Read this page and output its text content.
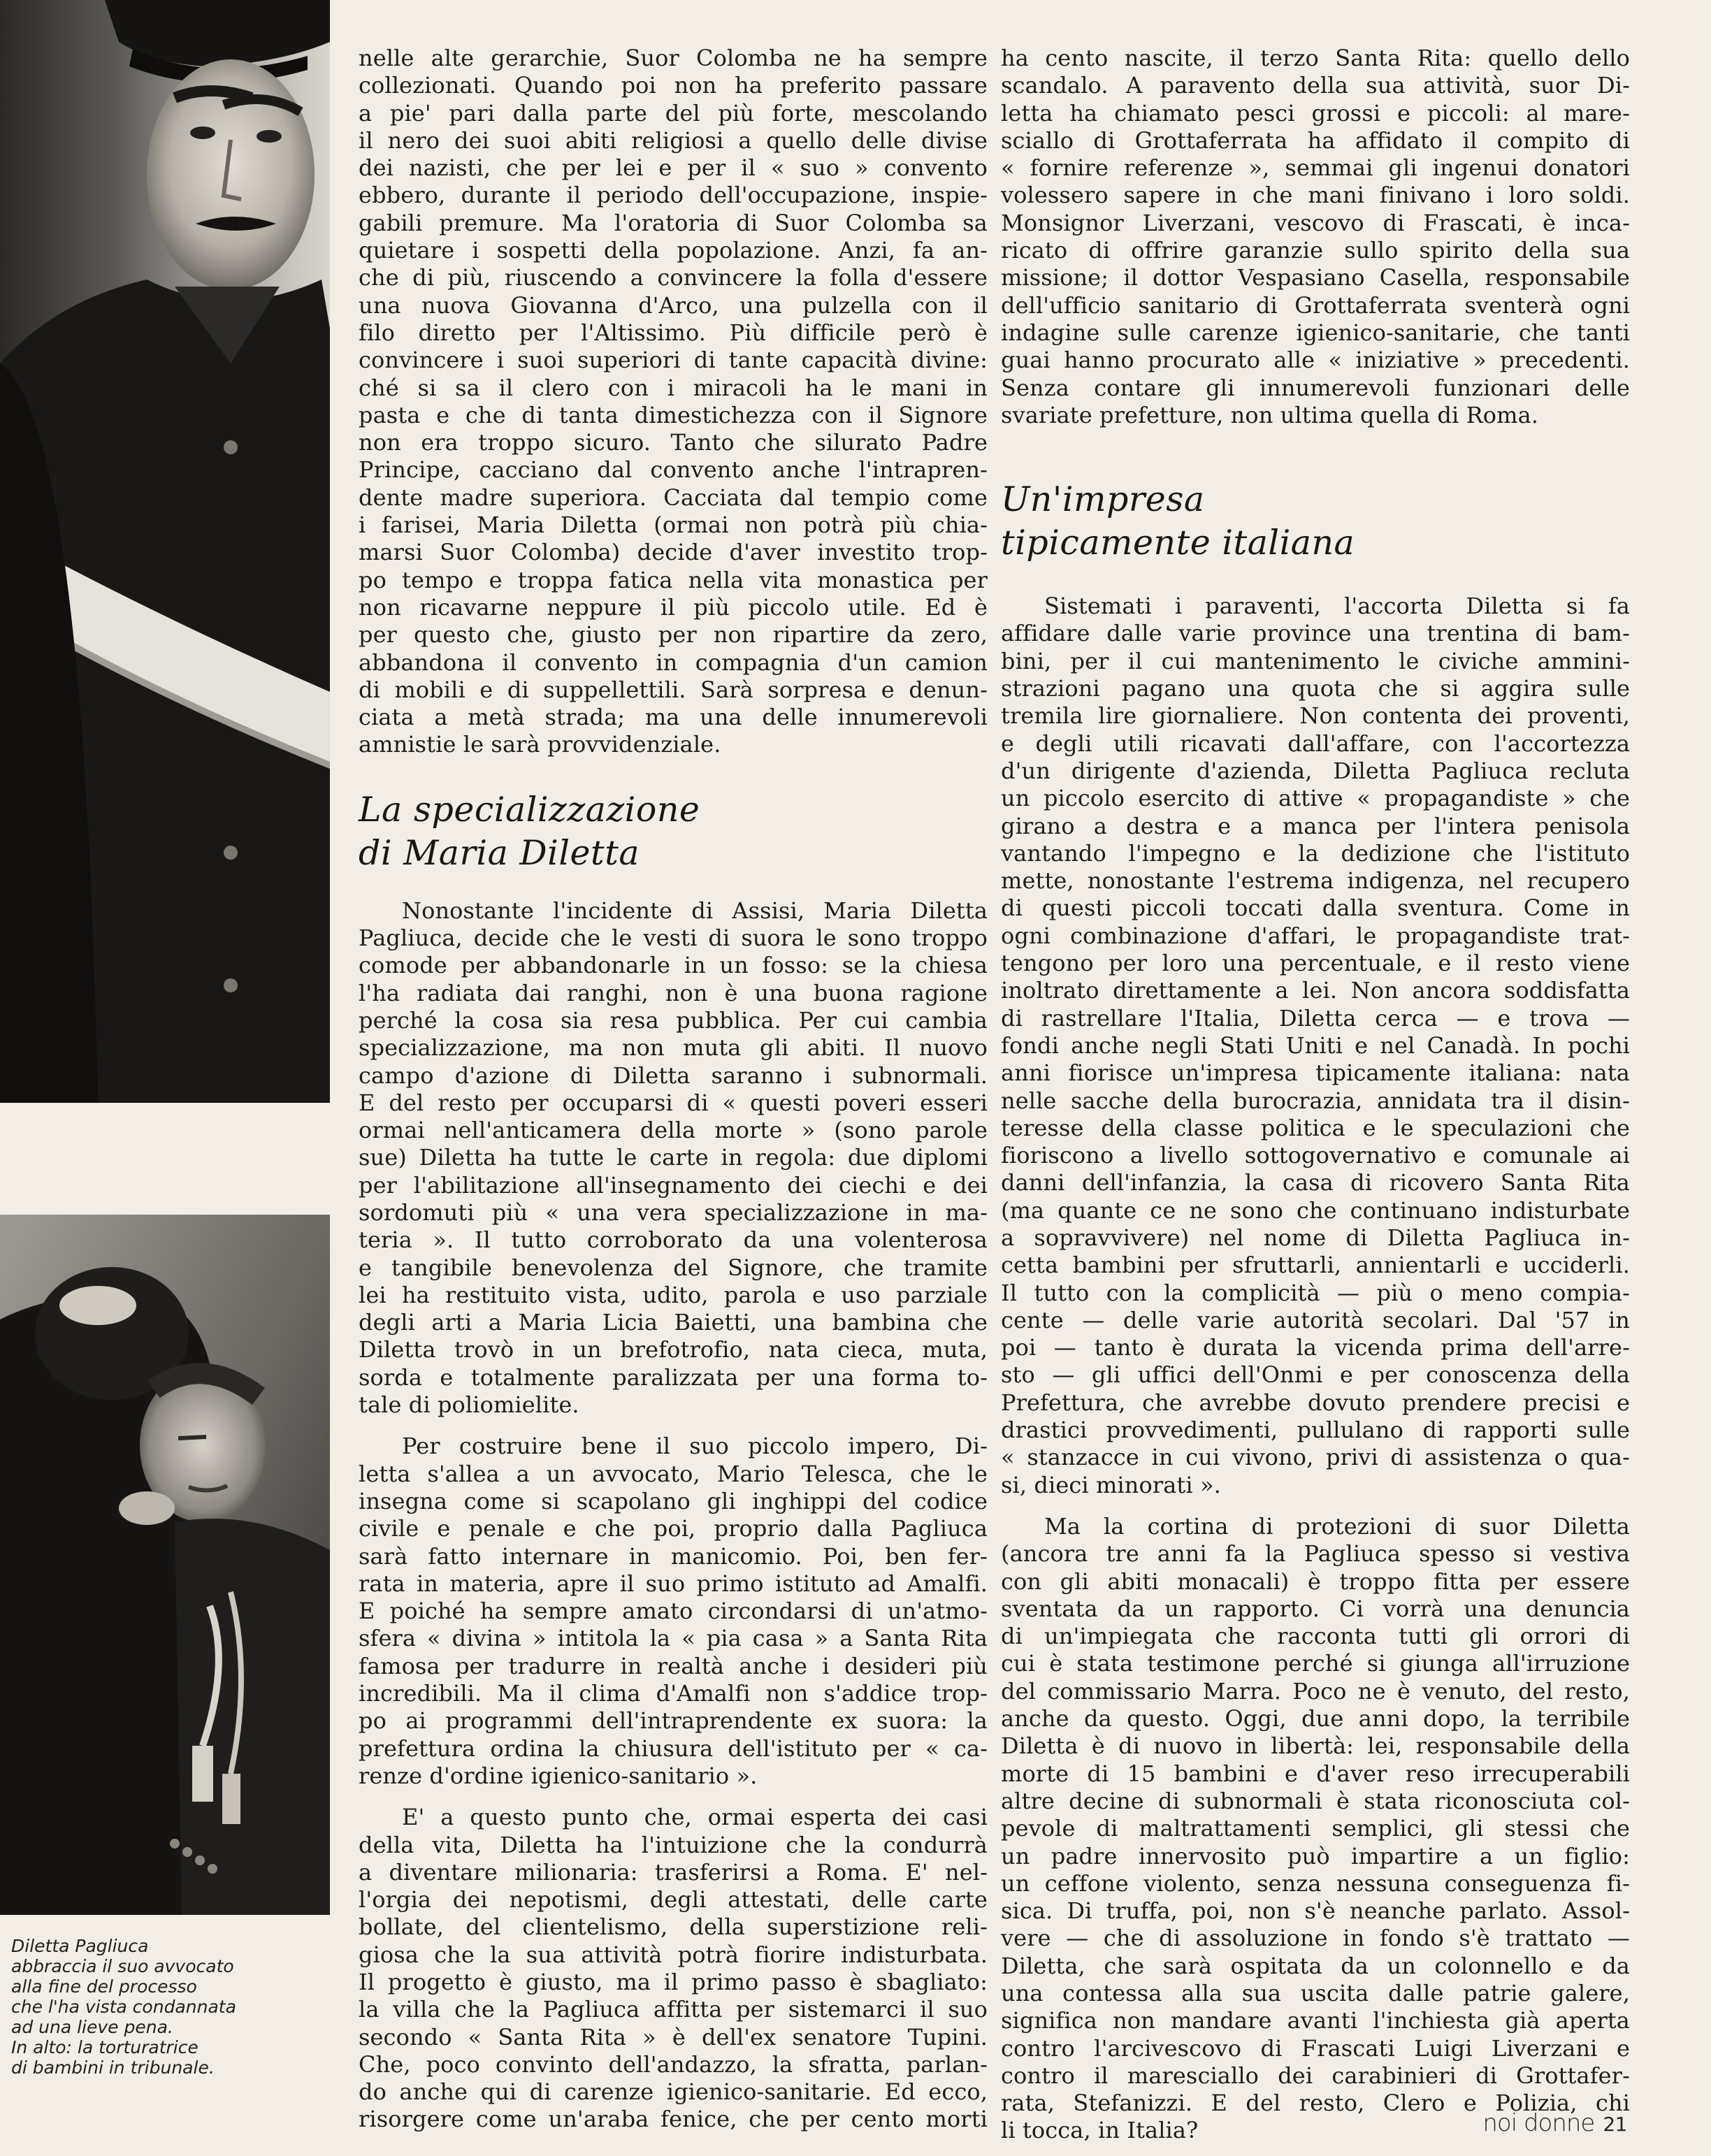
Diletta Pagliuca
abbraccia il suo avvocato
alla fine del processo
che l'ha vista condannata
ad una lieve pena.
In alto: la torturatrice
di bambini in tribunale.
nelle alte gerarchie, Suor Colomba ne ha sempre
collezionati. Quando poi non ha preferito passare
a pie' pari dalla parte del più forte, mescolando
il nero dei suoi abiti religiosi a quello delle divise
dei nazisti, che per lei e per il « suo » convento
ebbero, durante il periodo dell'occupazione, inspie-
gabili premure. Ma l'oratoria di Suor Colomba sa
quietare i sospetti della popolazione. Anzi, fa an-
che di più, riuscendo a convincere la folla d'essere
una nuova Giovanna d'Arco, una pulzella con il
filo diretto per l'Altissimo. Più difficile però è
convincere i suoi superiori di tante capacità divine:
ché si sa il clero con i miracoli ha le mani in
pasta e che di tanta dimestichezza con il Signore
non era troppo sicuro. Tanto che silurato Padre
Principe, cacciano dal convento anche l'intrapren-
dente madre superiora. Cacciata dal tempio come
i farisei, Maria Diletta (ormai non potrà più chia-
marsi Suor Colomba) decide d'aver investito trop-
po tempo e troppa fatica nella vita monastica per
non ricavarne neppure il più piccolo utile. Ed è
per questo che, giusto per non ripartire da zero,
abbandona il convento in compagnia d'un camion
di mobili e di suppellettili. Sarà sorpresa e denun-
ciata a metà strada; ma una delle innumerevoli
amnistie le sarà provvidenziale.
La specializzazione
di Maria Diletta
Nonostante l'incidente di Assisi, Maria Diletta
Pagliuca, decide che le vesti di suora le sono troppo
comode per abbandonarle in un fosso: se la chiesa
l'ha radiata dai ranghi, non è una buona ragione
perché la cosa sia resa pubblica. Per cui cambia
specializzazione, ma non muta gli abiti. Il nuovo
campo d'azione di Diletta saranno i subnormali.
E del resto per occuparsi di « questi poveri esseri
ormai nell'anticamera della morte » (sono parole
sue) Diletta ha tutte le carte in regola: due diplomi
per l'abilitazione all'insegnamento dei ciechi e dei
sordomuti più « una vera specializzazione in ma-
teria ». Il tutto corroborato da una volenterosa
e tangibile benevolenza del Signore, che tramite
lei ha restituito vista, udito, parola e uso parziale
degli arti a Maria Licia Baietti, una bambina che
Diletta trovò in un brefotrofio, nata cieca, muta,
sorda e totalmente paralizzata per una forma to-
tale di poliomielite.
Per costruire bene il suo piccolo impero, Di-
letta s'allea a un avvocato, Mario Telesca, che le
insegna come si scapolano gli inghippi del codice
civile e penale e che poi, proprio dalla Pagliuca
sarà fatto internare in manicomio. Poi, ben fer-
rata in materia, apre il suo primo istituto ad Amalfi.
E poiché ha sempre amato circondarsi di un'atmo-
sfera « divina » intitola la « pia casa » a Santa Rita
famosa per tradurre in realtà anche i desideri più
incredibili. Ma il clima d'Amalfi non s'addice trop-
po ai programmi dell'intraprendente ex suora: la
prefettura ordina la chiusura dell'istituto per « ca-
renze d'ordine igienico-sanitario ».
E' a questo punto che, ormai esperta dei casi
della vita, Diletta ha l'intuizione che la condurrà
a diventare milionaria: trasferirsi a Roma. E' nel-
l'orgia dei nepotismi, degli attestati, delle carte
bollate, del clientelismo, della superstizione reli-
giosa che la sua attività potrà fiorire indisturbata.
Il progetto è giusto, ma il primo passo è sbagliato:
la villa che la Pagliuca affitta per sistemarci il suo
secondo « Santa Rita » è dell'ex senatore Tupini.
Che, poco convinto dell'andazzo, la sfratta, parlan-
do anche qui di carenze igienico-sanitarie. Ed ecco,
risorgere come un'araba fenice, che per cento morti
ha cento nascite, il terzo Santa Rita: quello dello
scandalo. A paravento della sua attività, suor Di-
letta ha chiamato pesci grossi e piccoli: al mare-
sciallo di Grottaferrata ha affidato il compito di
« fornire referenze », semmai gli ingenui donatori
volessero sapere in che mani finivano i loro soldi.
Monsignor Liverzani, vescovo di Frascati, è inca-
ricato di offrire garanzie sullo spirito della sua
missione; il dottor Vespasiano Casella, responsabile
dell'ufficio sanitario di Grottaferrata sventerà ogni
indagine sulle carenze igienico-sanitarie, che tanti
guai hanno procurato alle « iniziative » precedenti.
Senza contare gli innumerevoli funzionari delle
svariate prefetture, non ultima quella di Roma.
Un'impresa
tipicamente italiana
Sistemati i paraventi, l'accorta Diletta si fa
affidare dalle varie province una trentina di bam-
bini, per il cui mantenimento le civiche ammini-
strazioni pagano una quota che si aggira sulle
tremila lire giornaliere. Non contenta dei proventi,
e degli utili ricavati dall'affare, con l'accortezza
d'un dirigente d'azienda, Diletta Pagliuca recluta
un piccolo esercito di attive « propagandiste » che
girano a destra e a manca per l'intera penisola
vantando l'impegno e la dedizione che l'istituto
mette, nonostante l'estrema indigenza, nel recupero
di questi piccoli toccati dalla sventura. Come in
ogni combinazione d'affari, le propagandiste trat-
tengono per loro una percentuale, e il resto viene
inoltrato direttamente a lei. Non ancora soddisfatta
di rastrellare l'Italia, Diletta cerca — e trova —
fondi anche negli Stati Uniti e nel Canadà. In pochi
anni fiorisce un'impresa tipicamente italiana: nata
nelle sacche della burocrazia, annidata tra il disin-
teresse della classe politica e le speculazioni che
fioriscono a livello sottogovernativo e comunale ai
danni dell'infanzia, la casa di ricovero Santa Rita
(ma quante ce ne sono che continuano indisturbate
a sopravvivere) nel nome di Diletta Pagliuca in-
cetta bambini per sfruttarli, annientarli e ucciderli.
Il tutto con la complicità — più o meno compia-
cente — delle varie autorità secolari. Dal '57 in
poi — tanto è durata la vicenda prima dell'arre-
sto — gli uffici dell'Onmi e per conoscenza della
Prefettura, che avrebbe dovuto prendere precisi e
drastici provvedimenti, pullulano di rapporti sulle
« stanzacce in cui vivono, privi di assistenza o qua-
si, dieci minorati ».
Ma la cortina di protezioni di suor Diletta
(ancora tre anni fa la Pagliuca spesso si vestiva
con gli abiti monacali) è troppo fitta per essere
sventata da un rapporto. Ci vorrà una denuncia
di un'impiegata che racconta tutti gli orrori di
cui è stata testimone perché si giunga all'irruzione
del commissario Marra. Poco ne è venuto, del resto,
anche da questo. Oggi, due anni dopo, la terribile
Diletta è di nuovo in libertà: lei, responsabile della
morte di 15 bambini e d'aver reso irrecuperabili
altre decine di subnormali è stata riconosciuta col-
pevole di maltrattamenti semplici, gli stessi che
un padre innervosito può impartire a un figlio:
un ceffone violento, senza nessuna conseguenza fi-
sica. Di truffa, poi, non s'è neanche parlato. Assol-
vere — che di assoluzione in fondo s'è trattato —
Diletta, che sarà ospitata da un colonnello e da
una contessa alla sua uscita dalle patrie galere,
significa non mandare avanti l'inchiesta già aperta
contro l'arcivescovo di Frascati Luigi Liverzani e
contro il maresciallo dei carabinieri di Grottafer-
rata, Stefanizzi. E del resto, Clero e Polizia, chi
li tocca, in Italia?	noi donne 21
